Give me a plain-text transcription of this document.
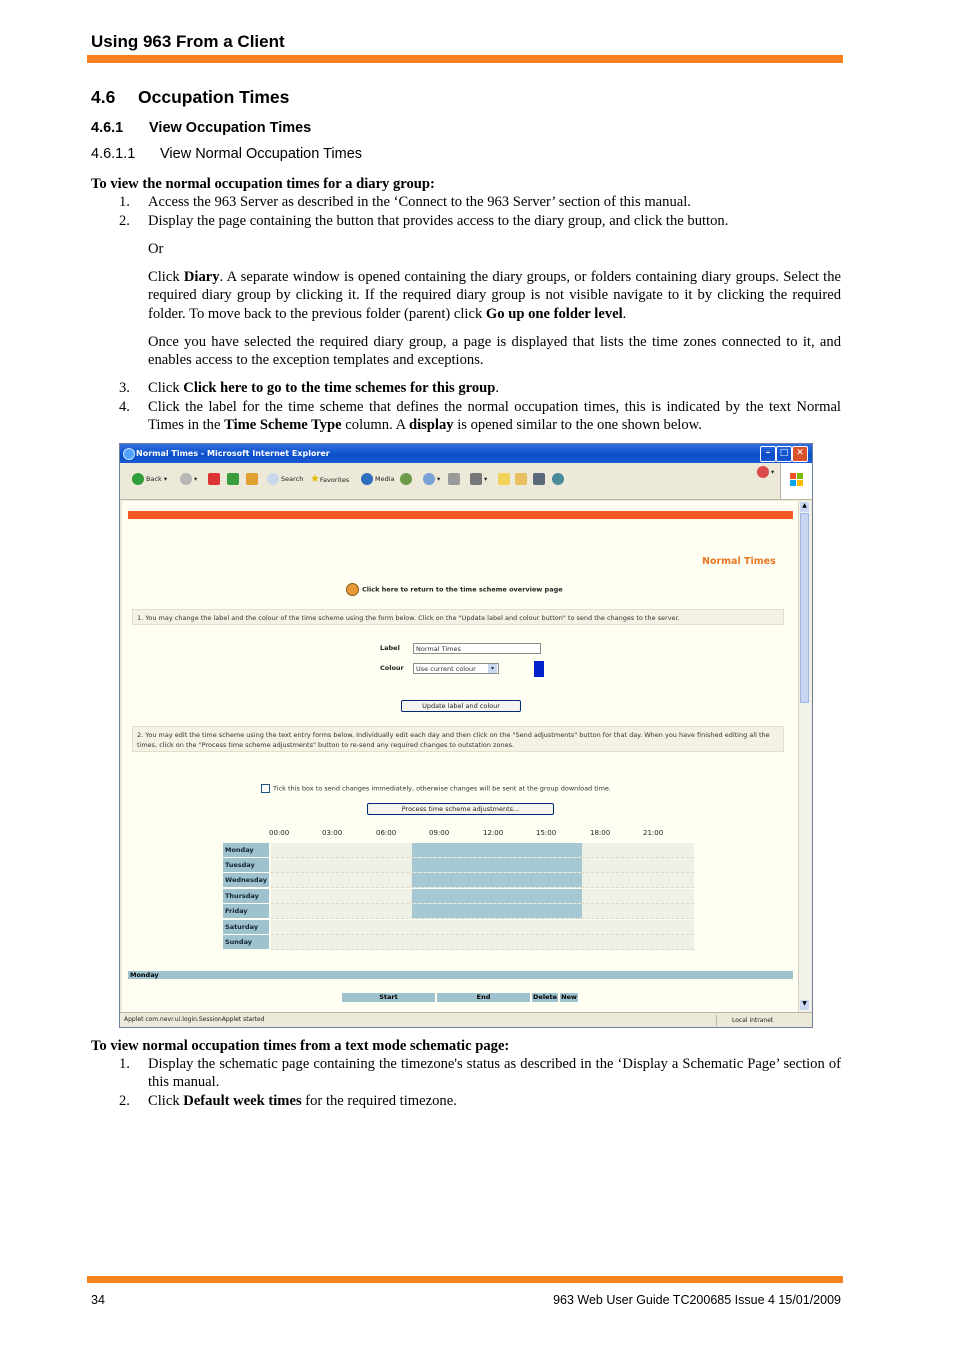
Using 963 From a Client
4.6 Occupation Times
4.6.1 View Occupation Times
4.6.1.1 View Normal Occupation Times
To view the normal occupation times for a diary group:
1.	Access the 963 Server as described in the ‘Connect to the 963 Server’ section of this manual.
2.	Display the page containing the button that provides access to the diary group, and click the button.
Or
Click Diary. A separate window is opened containing the diary groups, or folders containing diary groups. Select the required diary group by clicking it. If the required diary group is not visible navigate to it by clicking the required folder. To move back to the previous folder (parent) click Go up one folder level.
Once you have selected the required diary group, a page is displayed that lists the time zones connected to it, and enables access to the exception templates and exceptions.
3.	Click Click here to go to the time schemes for this group.
4.	Click the label for the time scheme that defines the normal occupation times, this is indicated by the text Normal Times in the Time Scheme Type column. A display is opened similar to the one shown below.
Normal Times - Microsoft Internet Explorer	–	□ ✕
Back ▾	▾	Search ★Favorites	Media	▾	▾
▾
Normal Times
Click here to return to the time scheme overview page
1. You may change the label and the colour of the time scheme using the form below. Click on the "Update label and colour button" to send the changes to the server.
Label	Normal Times
Colour	Use current colour	▾
Update label and colour
2. You may edit the time scheme using the text entry forms below. Individually edit each day and then click on the "Send adjustments" button for that day. When you have finished editing all the times, click on the "Process time scheme adjustments" button to re-send any required changes to outstation zones.
Tick this box to send changes immediately, otherwise changes will be sent at the group download time.
Process time scheme adjustments...
00:00	03:00	06:00	09:00	12:00	15:00	18:00	21:00
Monday
Tuesday
Wednesday
Thursday
Friday
Saturday
Sunday
Monday
Start	End	Delete New
▲
▼
Applet com.nevr.ui.login.SessionApplet started	Local intranet
To view normal occupation times from a text mode schematic page:
1.	Display the schematic page containing the timezone's status as described in the ‘Display a Schematic Page’ section of this manual.
2.	Click Default week times for the required timezone.
34	963 Web User Guide TC200685 Issue 4 15/01/2009
